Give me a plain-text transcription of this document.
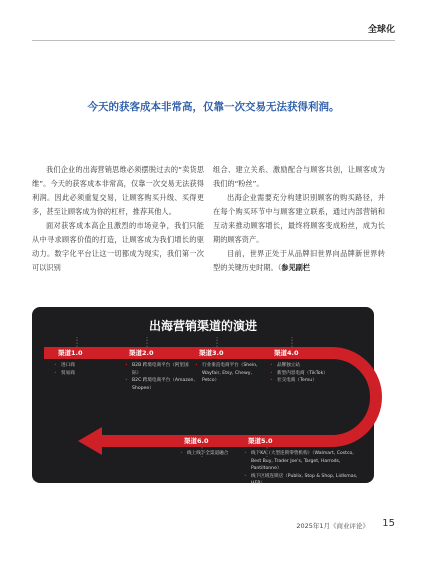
全球化
今天的获客成本非常高，仅靠一次交易无法获得利润。

我们企业的出海营销思维必须摆脱过去的“卖货思维”。今天的获客成本非常高，仅靠一次交易无法获得利润。因此必须重复交易，让顾客购买升级、买得更多，甚至让顾客成为你的杠杆，推荐其他人。

面对获客成本高企且激烈的市场竞争，我们只能从中寻求顾客价值的打造，让顾客成为我们增长的驱动力。数字化平台让这一切都成为现实，我们第一次可以识别

组合、建立关系、激励配合与顾客共创，让顾客成为我们的“粉丝”。

出海企业需要充分构建识别顾客的购买路径，并在每个购买环节中与顾客建立联系，通过内部营销和互动来推动顾客增长，最终将顾客变成粉丝，成为长期的顾客资产。

目前，世界正处于从品牌旧世界向品牌新世界转型的关键历史时期。（参见副栏

出海营销渠道的演进
渠道1.0
• 进口商
• 贸易商
渠道2.0
• B2B 跨境电商平台（阿里国际）
• B2C 跨境电商平台（Amazon, Shopee）
渠道3.0
• 行业垂直电商平台（Shein, Wayfair, Etsy, Chewy, Petco）
渠道4.0
• 品牌独立站
• 新型内容电商（TikTok）
• 社交电商（Temu）
渠道5.0
• 线下KA（大型连锁零售机构）（Walmart, Costco, Best Buy, Trader Joe's, Target, Harrods, Pantiltonne）
• 线下区域连锁店（Publix, Stop & Shop, Lidlsmas, HEB）
渠道6.0
• 线上线下全渠道融合
2025年1月《商业评论》 15
